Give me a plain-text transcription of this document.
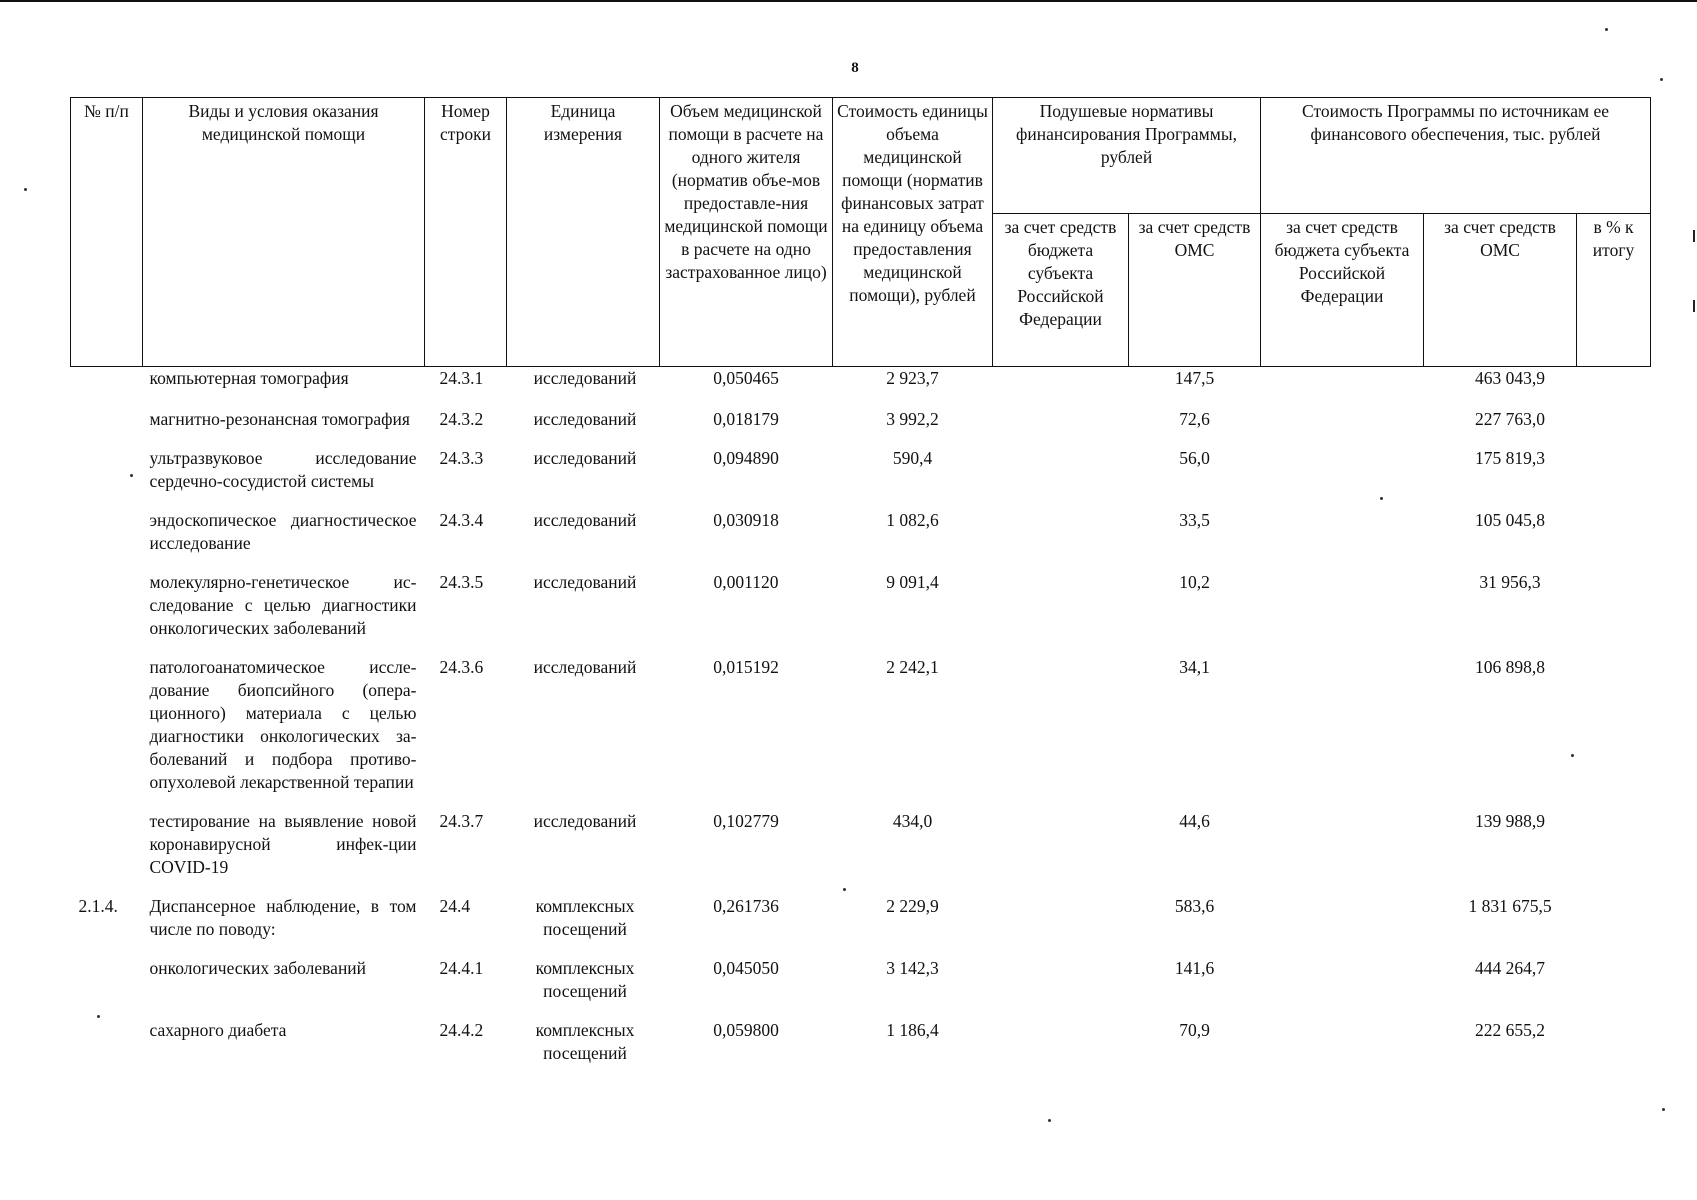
8
№ п/п	Виды и условия оказания медицинской помощи	Номер строки	Единица измерения	Объем медицинской помощи в расчете на одного жителя (норматив объе-мов предоставле-ния медицинской помощи в расчете на одно застрахованное лицо)	Стоимость единицы объема медицинской помощи (норматив финансовых затрат на единицу объема предоставления медицинской помощи), рублей	Подушевые нормативы финансирования Программы, рублей		Стоимость Программы по источникам ее финансового обеспечения, тыс. рублей		
						за счет средств бюджета субъекта Российской Федерации	за счет средств ОМС	за счет средств бюджета субъекта Российской Федерации	за счет средств ОМС	в % к итогу
	компьютерная томография	24.3.1	исследований	0,050465	2 923,7		147,5		463 043,9	
	магнитно-резонансная томография	24.3.2	исследований	0,018179	3 992,2		72,6		227 763,0	
	ультразвуковое исследование сердечно-сосудистой системы	24.3.3	исследований	0,094890	590,4		56,0		175 819,3	
	эндоскопическое диагностическое исследование	24.3.4	исследований	0,030918	1 082,6		33,5		105 045,8	
	молекулярно-генетическое ис-следование с целью диагностики онкологических заболеваний	24.3.5	исследований	0,001120	9 091,4		10,2		31 956,3	
	патологоанатомическое иссле-дование биопсийного (опера-ционного) материала с целью диагностики онкологических за-болеваний и подбора противо-опухолевой лекарственной терапии	24.3.6	исследований	0,015192	2 242,1		34,1		106 898,8	
	тестирование на выявление новой коронавирусной инфек-ции COVID-19	24.3.7	исследований	0,102779	434,0		44,6		139 988,9	
2.1.4.	Диспансерное наблюдение, в том числе по поводу:	24.4	комплексных посещений	0,261736	2 229,9		583,6		1 831 675,5	
	онкологических заболеваний	24.4.1	комплексных посещений	0,045050	3 142,3		141,6		444 264,7	
	сахарного диабета	24.4.2	комплексных посещений	0,059800	1 186,4		70,9		222 655,2	
